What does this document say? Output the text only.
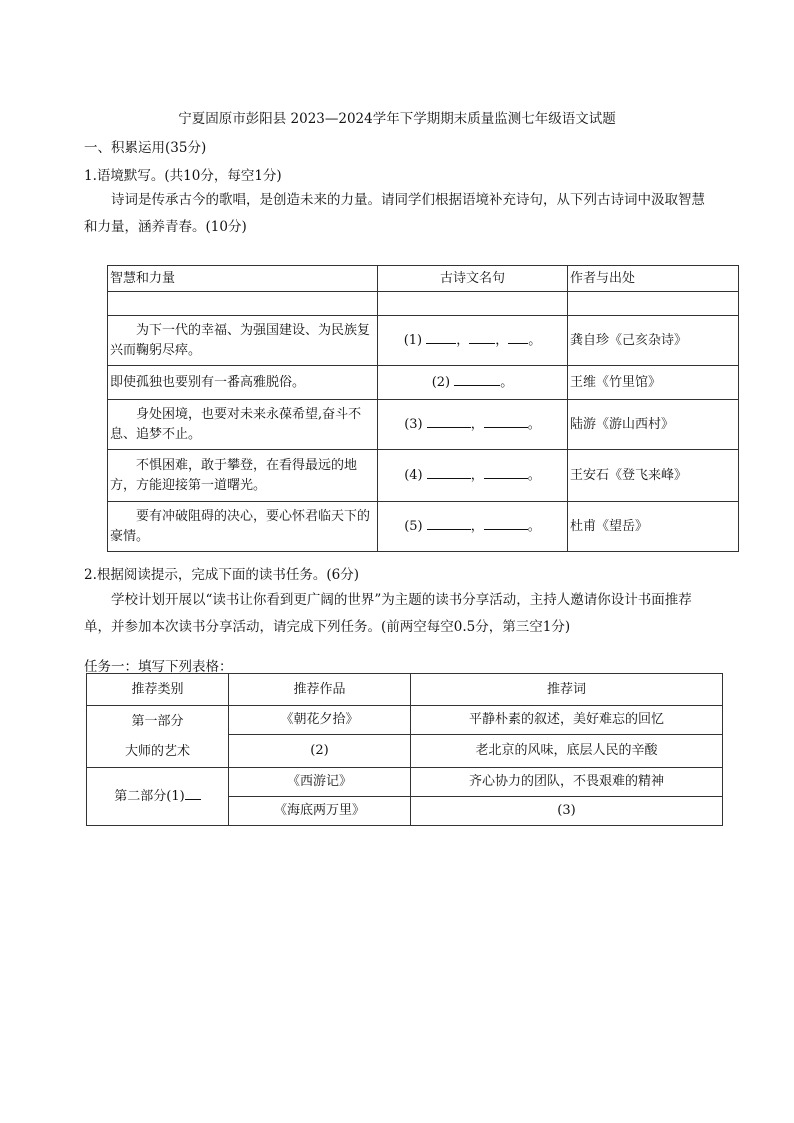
宁夏固原市彭阳县 2023—2024学年下学期期末质量监测七年级语文试题
一、积累运用(35分)
1.语境默写。(共10分，每空1分)
诗词是传承古今的歌唱，是创造未来的力量。请同学们根据语境补充诗句，从下列古诗词中汲取智慧和力量，涵养青春。(10分)
智慧和力量	古诗文名句	作者与出处

为下一代的幸福、为强国建设、为民族复兴而鞠躬尽瘁。	(1) ， ， 。	龚自珍《己亥杂诗》
即使孤独也要别有一番高雅脱俗。	(2) 。	王维《竹里馆》
身处困境，也要对未来永葆希望,奋斗不息、追梦不止。	(3) ， 。	陆游《游山西村》
不惧困难，敢于攀登，在看得最远的地方，方能迎接第一道曙光。	(4) ， 。	王安石《登飞来峰》
要有冲破阻碍的决心，要心怀君临天下的豪情。	(5) ， 。	杜甫《望岳》
2.根据阅读提示，完成下面的读书任务。(6分)
学校计划开展以“读书让你看到更广阔的世界”为主题的读书分享活动，主持人邀请你设计书面推荐单，并参加本次读书分享活动，请完成下列任务。(前两空每空0.5分，第三空1分)
任务一：填写下列表格：
推荐类别	推荐作品	推荐词

第一部分
大师的艺术	《朝花夕拾》	平静朴素的叙述，美好难忘的回忆
	(2)	老北京的风味，底层人民的辛酸
第二部分(1)	《西游记》	齐心协力的团队，不畏艰难的精神
	《海底两万里》	(3)
